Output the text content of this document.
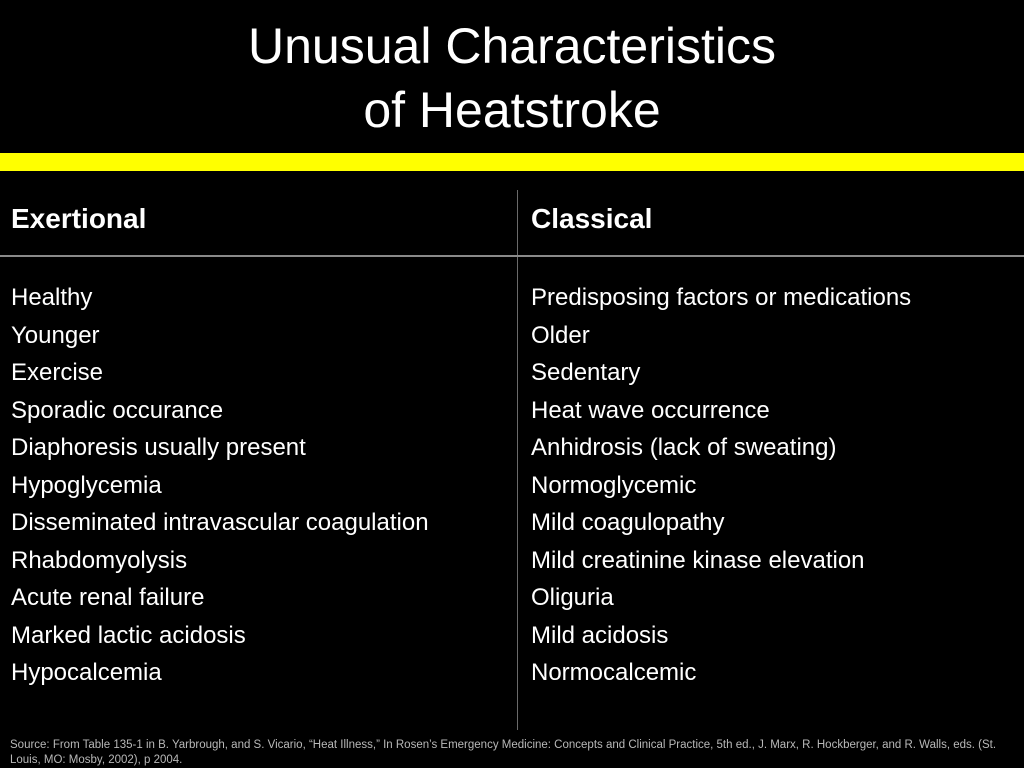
Unusual Characteristics
of Heatstroke
Exertional	Classical
Healthy
Younger
Exercise
Sporadic occurance
Diaphoresis usually present
Hypoglycemia
Disseminated intravascular coagulation
Rhabdomyolysis
Acute renal failure
Marked lactic acidosis
Hypocalcemia
Predisposing factors or medications
Older
Sedentary
Heat wave occurrence
Anhidrosis (lack of sweating)
Normoglycemic
Mild coagulopathy
Mild creatinine kinase elevation
Oliguria
Mild acidosis
Normocalcemic
Source: From Table 135-1 in B. Yarbrough, and S. Vicario, “Heat Illness,” In Rosen’s Emergency Medicine: Concepts and Clinical Practice, 5th ed., J. Marx, R. Hockberger, and R. Walls, eds. (St. Louis, MO: Mosby, 2002), p 2004.
